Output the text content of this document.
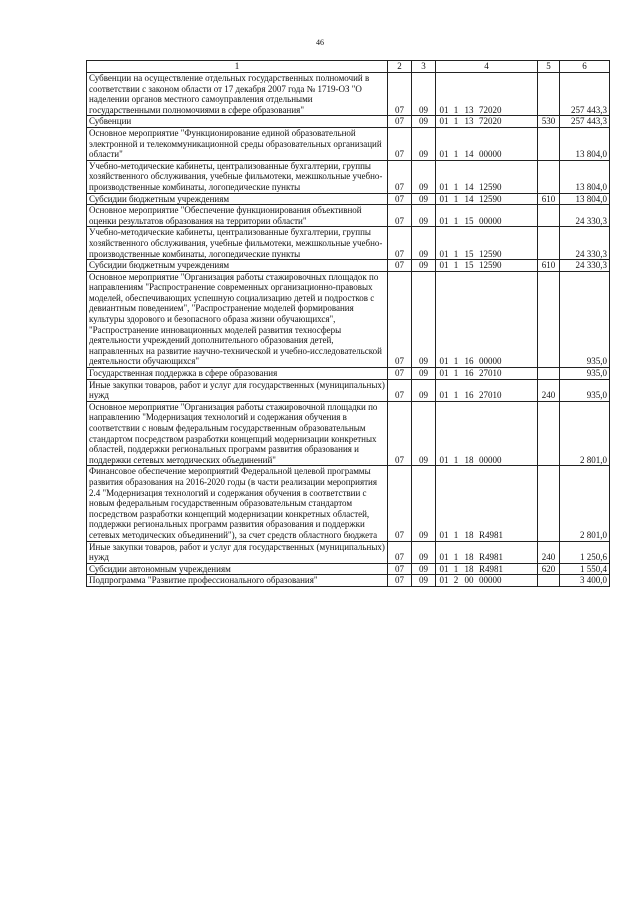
46
1	2	3	4	5	6
Субвенции на осуществление отдельных государственных полномочий в соответствии с законом области от 17 декабря 2007 года № 1719-ОЗ "О наделении органов местного самоуправления отдельными государственными полномочиями в сфере образования"	07	09	01 1 13 72020		257 443,3
Субвенции	07	09	01 1 13 72020	530	257 443,3
Основное мероприятие "Функционирование единой образовательной электронной и телекоммуникационной среды образовательных организаций области"	07	09	01 1 14 00000		13 804,0
Учебно-методические кабинеты, централизованные бухгалтерии, группы хозяйственного обслуживания, учебные фильмотеки, межшкольные учебно-производственные комбинаты, логопедические пункты	07	09	01 1 14 12590		13 804,0
Субсидии бюджетным учреждениям	07	09	01 1 14 12590	610	13 804,0
Основное мероприятие "Обеспечение функционирования объективной оценки результатов образования на территории области"	07	09	01 1 15 00000		24 330,3
Учебно-методические кабинеты, централизованные бухгалтерии, группы хозяйственного обслуживания, учебные фильмотеки, межшкольные учебно-производственные комбинаты, логопедические пункты	07	09	01 1 15 12590		24 330,3
Субсидии бюджетным учреждениям	07	09	01 1 15 12590	610	24 330,3
Основное мероприятие "Организация работы стажировочных площадок по направлениям "Распространение современных организационно-правовых моделей, обеспечивающих успешную социализацию детей и подростков с девиантным поведением", "Распространение моделей формирования культуры здорового и безопасного образа жизни обучающихся", "Распространение инновационных моделей развития техносферы деятельности учреждений дополнительного образования детей, направленных на развитие научно-технической и учебно-исследовательской деятельности обучающихся"	07	09	01 1 16 00000		935,0
Государственная поддержка в сфере образования	07	09	01 1 16 27010		935,0
Иные закупки товаров, работ и услуг для государственных (муниципальных) нужд	07	09	01 1 16 27010	240	935,0
Основное мероприятие "Организация работы стажировочной площадки по направлению "Модернизация технологий и содержания обучения в соответствии с новым федеральным государственным образовательным стандартом посредством разработки концепций модернизации конкретных областей, поддержки региональных программ развития образования и поддержки сетевых методических объединений"	07	09	01 1 18 00000		2 801,0
Финансовое обеспечение мероприятий Федеральной целевой программы развития образования на 2016-2020 годы (в части реализации мероприятия 2.4 "Модернизация технологий и содержания обучения в соответствии с новым федеральным государственным образовательным стандартом посредством разработки концепций модернизации конкретных областей, поддержки региональных программ развития образования и поддержки сетевых методических объединений"), за счет средств областного бюджета	07	09	01 1 18 R4981		2 801,0
Иные закупки товаров, работ и услуг для государственных (муниципальных) нужд	07	09	01 1 18 R4981	240	1 250,6
Субсидии автономным учреждениям	07	09	01 1 18 R4981	620	1 550,4
Подпрограмма "Развитие профессионального образования"	07	09	01 2 00 00000		3 400,0
